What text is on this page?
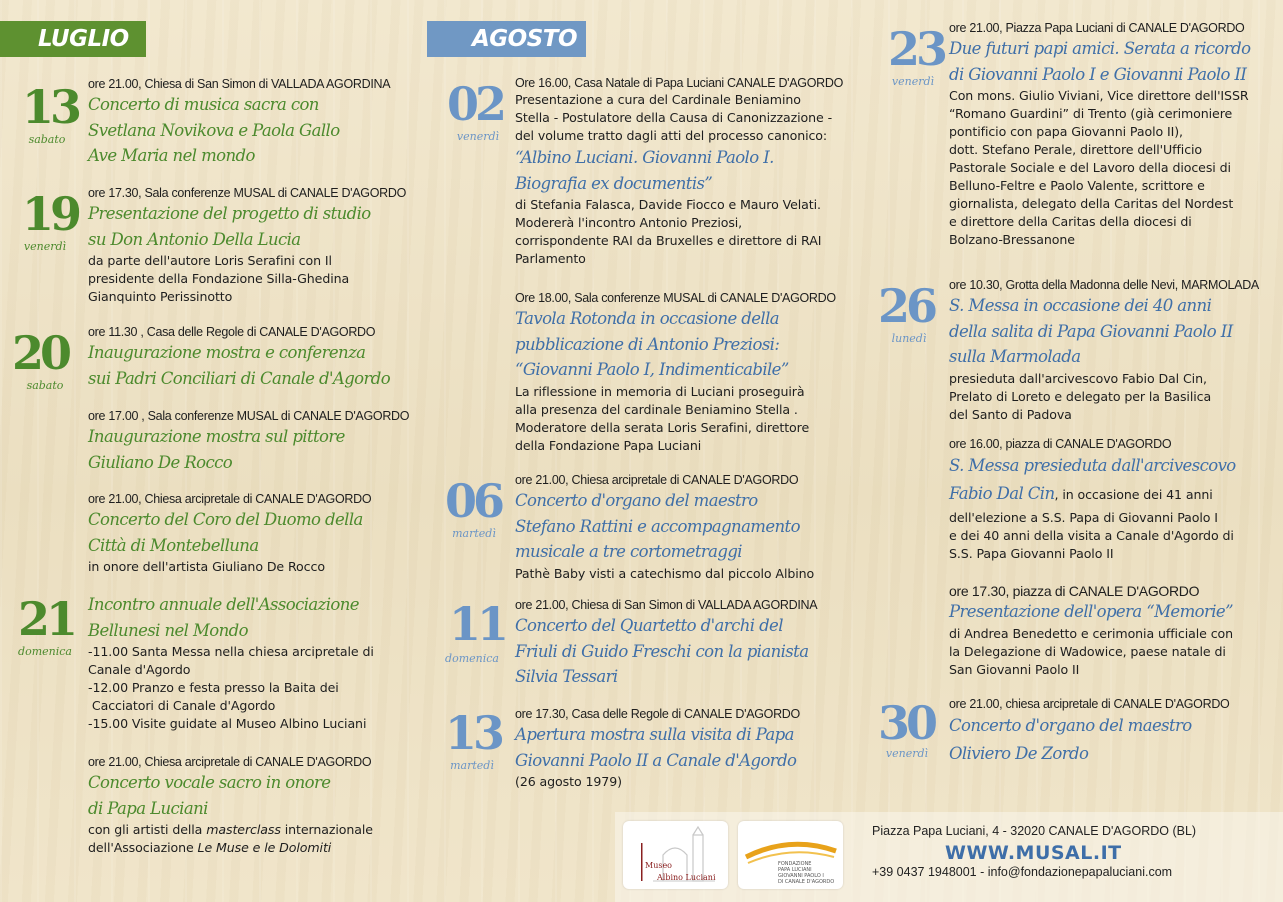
LUGLIO	AGOSTO
13
sabato
ore 21.00, Chiesa di San Simon di VALLADA AGORDINA
Concerto di musica sacra con
Svetlana Novikova e Paola Gallo
Ave Maria nel mondo
19
venerdì
ore 17.30, Sala conferenze MUSAL di CANALE D'AGORDO
Presentazione del progetto di studio
su Don Antonio Della Lucia
da parte dell'autore Loris Serafini con Il
presidente della Fondazione Silla-Ghedina
Gianquinto Perissinotto
20
sabato
ore 11.30 , Casa delle Regole di CANALE D'AGORDO
Inaugurazione mostra e conferenza
sui Padri Conciliari di Canale d'Agordo
ore 17.00 , Sala conferenze MUSAL di CANALE D'AGORDO
Inaugurazione mostra sul pittore
Giuliano De Rocco
ore 21.00, Chiesa arcipretale di CANALE D'AGORDO
Concerto del Coro del Duomo della
Città di Montebelluna
in onore dell'artista Giuliano De Rocco
21
domenica
Incontro annuale dell'Associazione
Bellunesi nel Mondo
-11.00 Santa Messa nella chiesa arcipretale di
Canale d'Agordo
-12.00 Pranzo e festa presso la Baita dei
Cacciatori di Canale d'Agordo
-15.00 Visite guidate al Museo Albino Luciani
ore 21.00, Chiesa arcipretale di CANALE D'AGORDO
Concerto vocale sacro in onore
di Papa Luciani
con gli artisti della masterclass internazionale
dell'Associazione Le Muse e le Dolomiti
02
venerdì
Ore 16.00, Casa Natale di Papa Luciani CANALE D'AGORDO
Presentazione a cura del Cardinale Beniamino
Stella - Postulatore della Causa di Canonizzazione -
del volume tratto dagli atti del processo canonico:
“Albino Luciani. Giovanni Paolo I.
Biografia ex documentis”
di Stefania Falasca, Davide Fiocco e Mauro Velati.
Modererà l'incontro Antonio Preziosi,
corrispondente RAI da Bruxelles e direttore di RAI
Parlamento
Ore 18.00, Sala conferenze MUSAL di CANALE D'AGORDO
Tavola Rotonda in occasione della
pubblicazione di Antonio Preziosi:
“Giovanni Paolo I, Indimenticabile”
La riflessione in memoria di Luciani proseguirà
alla presenza del cardinale Beniamino Stella .
Moderatore della serata Loris Serafini, direttore
della Fondazione Papa Luciani
06
martedì
ore 21.00, Chiesa arcipretale di CANALE D'AGORDO
Concerto d'organo del maestro
Stefano Rattini e accompagnamento
musicale a tre cortometraggi
Pathè Baby visti a catechismo dal piccolo Albino
11
domenica
ore 21.00, Chiesa di San Simon di VALLADA AGORDINA
Concerto del Quartetto d'archi del
Friuli di Guido Freschi con la pianista
Silvia Tessari
13
martedì
ore 17.30, Casa delle Regole di CANALE D'AGORDO
Apertura mostra sulla visita di Papa
Giovanni Paolo II a Canale d'Agordo
(26 agosto 1979)
23
venerdì
ore 21.00, Piazza Papa Luciani di CANALE D'AGORDO
Due futuri papi amici. Serata a ricordo
di Giovanni Paolo I e Giovanni Paolo II
Con mons. Giulio Viviani, Vice direttore dell'ISSR
“Romano Guardini” di Trento (già cerimoniere
pontificio con papa Giovanni Paolo II),
dott. Stefano Perale, direttore dell'Ufficio
Pastorale Sociale e del Lavoro della diocesi di
Belluno-Feltre e Paolo Valente, scrittore e
giornalista, delegato della Caritas del Nordest
e direttore della Caritas della diocesi di
Bolzano-Bressanone
26
lunedì
ore 10.30, Grotta della Madonna delle Nevi, MARMOLADA
S. Messa in occasione dei 40 anni
della salita di Papa Giovanni Paolo II
sulla Marmolada
presieduta dall'arcivescovo Fabio Dal Cin,
Prelato di Loreto e delegato per la Basilica
del Santo di Padova
ore 16.00, piazza di CANALE D'AGORDO
S. Messa presieduta dall'arcivescovo
Fabio Dal Cin, in occasione dei 41 anni
dell'elezione a S.S. Papa di Giovanni Paolo I
e dei 40 anni della visita a Canale d'Agordo di
S.S. Papa Giovanni Paolo II
ore 17.30, piazza di CANALE D'AGORDO
Presentazione dell'opera “Memorie”
di Andrea Benedetto e cerimonia ufficiale con
la Delegazione di Wadowice, paese natale di
San Giovanni Paolo II
30
venerdì
ore 21.00, chiesa arcipretale di CANALE D'AGORDO
Concerto d'organo del maestro
Oliviero De Zordo
Museo
Albino Luciani
FONDAZIONE
PAPA LUCIANI
GIOVANNI PAOLO I
DI CANALE D'AGORDO
Piazza Papa Luciani, 4 - 32020 CANALE D'AGORDO (BL)
WWW.MUSAL.IT
+39 0437 1948001 - info@fondazionepapaluciani.com
